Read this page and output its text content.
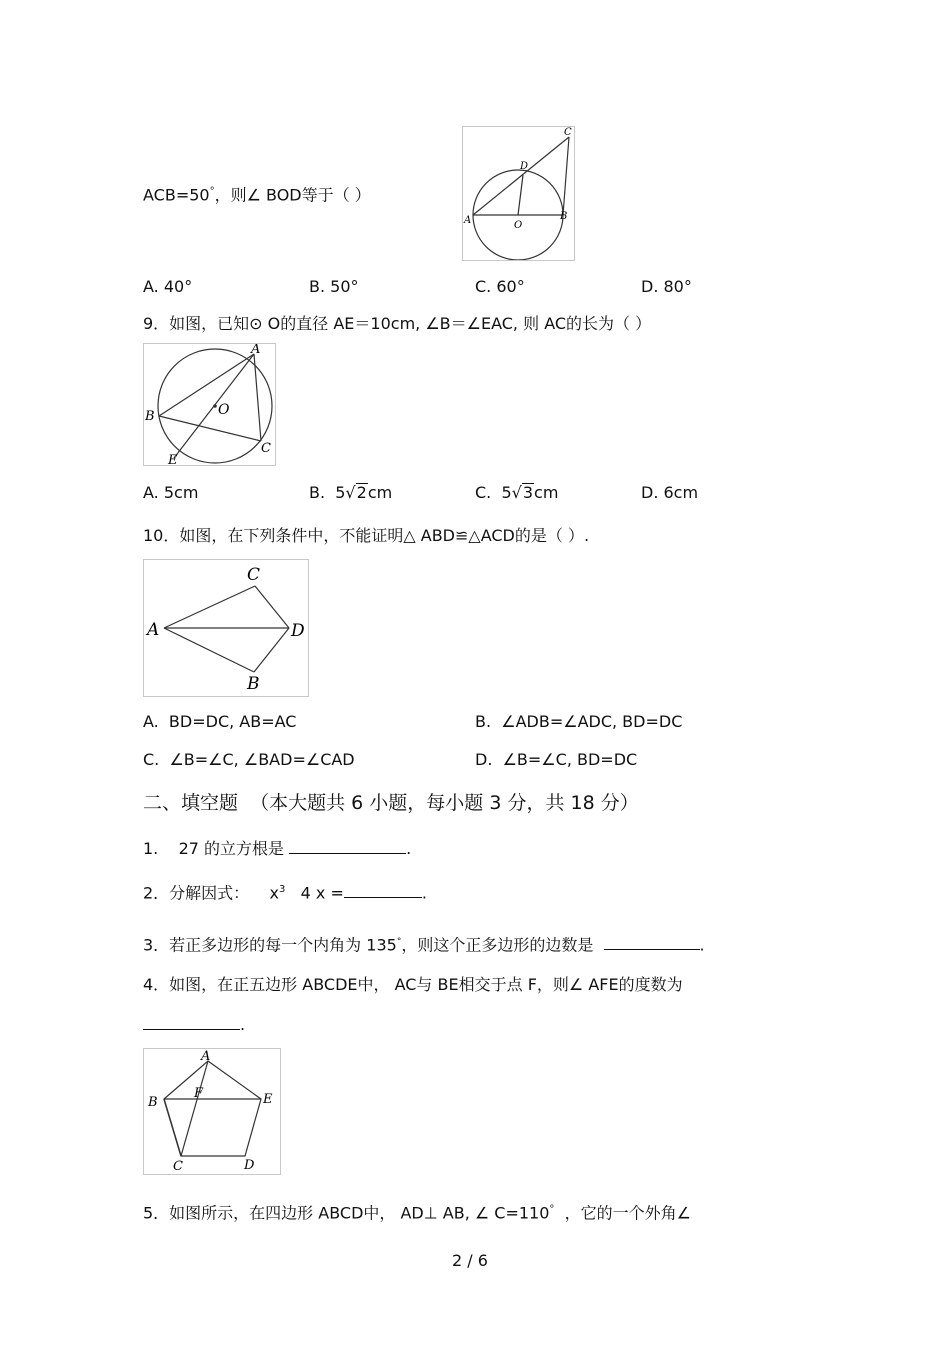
ACB=50°，则∠ BOD等于（ ）
A	B
C
D
O
A. 40°	B. 50°	C. 60°	D. 80°
9．如图，已知⊙ O的直径 AE＝10cm, ∠B＝∠EAC, 则 AC的长为（ ）
A
B
C
E
O
A. 5cm	B. 5√2cm	C. 5√3cm	D. 6cm
10．如图，在下列条件中，不能证明△ ABD≌△ACD的是（ ）.
C
A	D
B
A. BD=DC, AB=AC	B. ∠ADB=∠ADC, BD=DC
C. ∠B=∠C, ∠BAD=∠CAD	D. ∠B=∠C, BD=DC
二、填空题 （本大题共 6 小题，每小题 3 分，共 18 分）
1. 27 的立方根是	.
2．分解因式： $x^3$ 4 x =	.
3．若正多边形的每一个内角为 135°，则这个正多边形的边数是	.
4．如图，在正五边形 ABCDE中， AC与 BE相交于点 F，则∠ AFE的度数为
.
A
B
C	D
E
F
5．如图所示，在四边形 ABCD中， AD⊥ AB, ∠ C=110° ，它的一个外角∠
2 / 6
